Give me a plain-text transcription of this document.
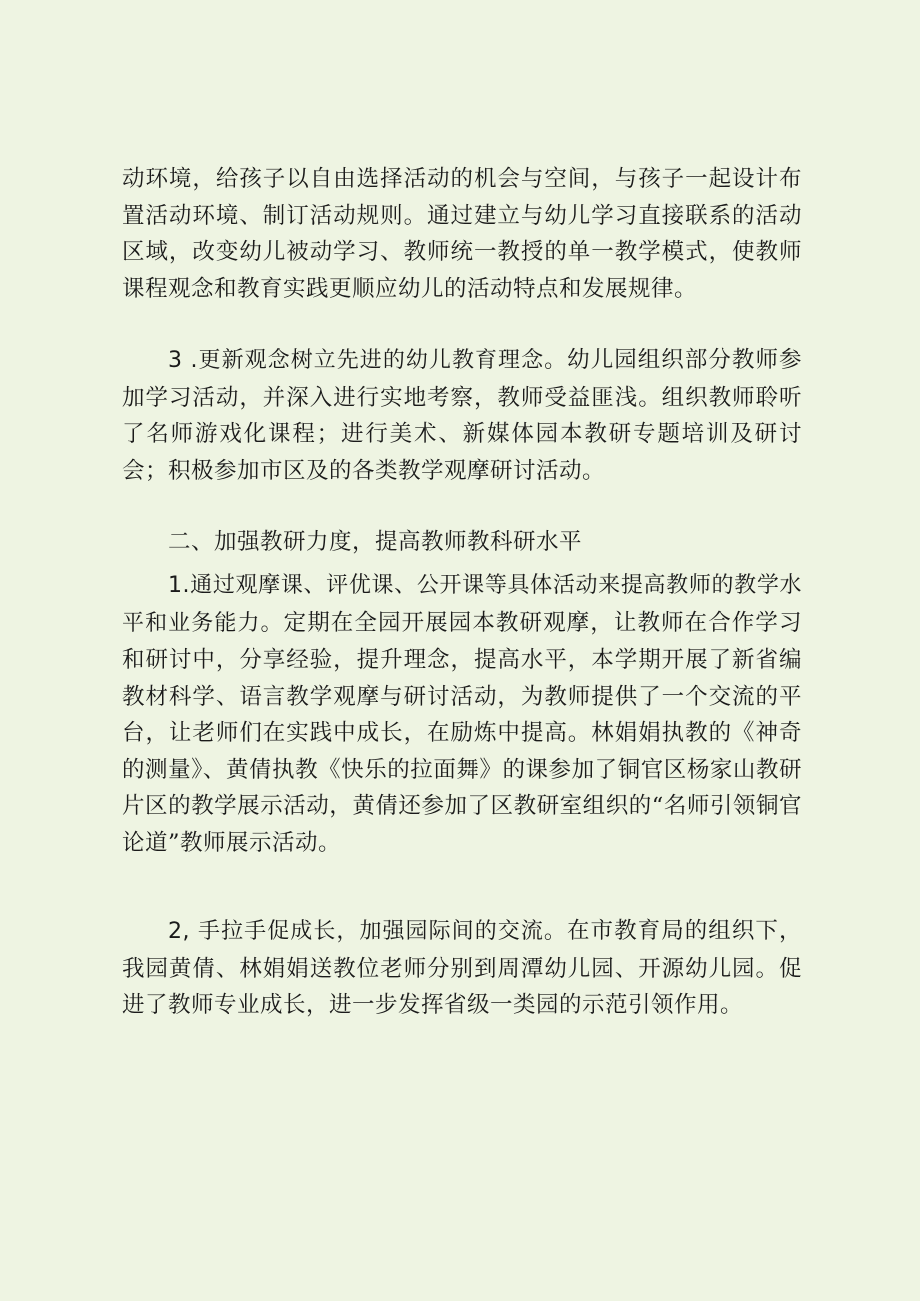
动环境，给孩子以自由选择活动的机会与空间，与孩子一起设计布置活动环境、制订活动规则。通过建立与幼儿学习直接联系的活动区域，改变幼儿被动学习、教师统一教授的单一教学模式，使教师课程观念和教育实践更顺应幼儿的活动特点和发展规律。
3 .更新观念树立先进的幼儿教育理念。幼儿园组织部分教师参加学习活动，并深入进行实地考察，教师受益匪浅。组织教师聆听了名师游戏化课程；进行美术、新媒体园本教研专题培训及研讨会；积极参加市区及的各类教学观摩研讨活动。
二、加强教研力度，提高教师教科研水平
1.通过观摩课、评优课、公开课等具体活动来提高教师的教学水平和业务能力。定期在全园开展园本教研观摩，让教师在合作学习和研讨中，分享经验，提升理念，提高水平，本学期开展了新省编教材科学、语言教学观摩与研讨活动，为教师提供了一个交流的平台，让老师们在实践中成长，在励炼中提高。林娟娟执教的《神奇的测量》、黄倩执教《快乐的拉面舞》的课参加了铜官区杨家山教研片区的教学展示活动，黄倩还参加了区教研室组织的“名师引领铜官论道”教师展示活动。
2, 手拉手促成长，加强园际间的交流。在市教育局的组织下，我园黄倩、林娟娟送教位老师分别到周潭幼儿园、开源幼儿园。促进了教师专业成长，进一步发挥省级一类园的示范引领作用。
